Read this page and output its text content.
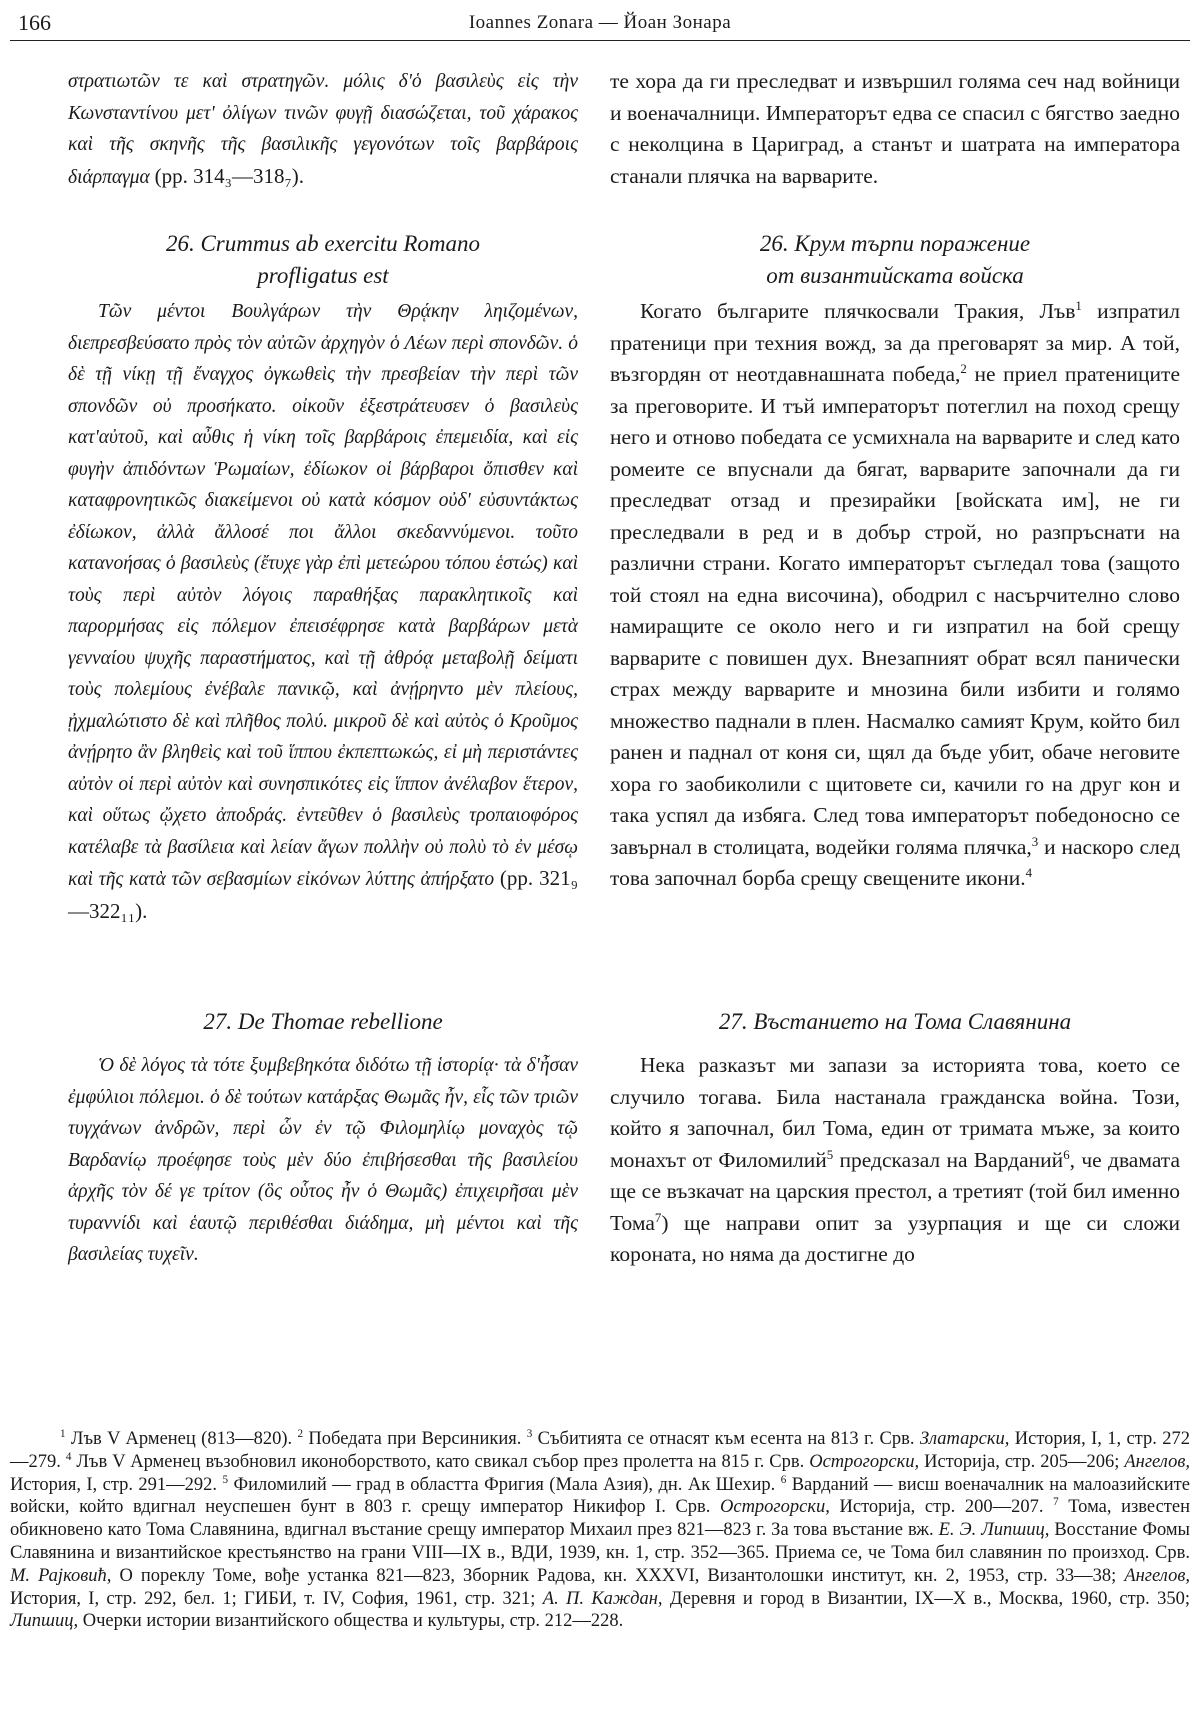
166	Ioannes Zonara — Йоан Зонара

στρατιωτῶν τε καὶ στρατηγῶν. μόλις δ'ὁ βασιλεὺς εἰς τὴν Κωνσταντίνου μετ' ὀλίγων τινῶν φυγῇ διασώζεται, τοῦ χάρακος καὶ τῆς σκηνῆς τῆς βασιλικῆς γεγονότων τοῖς βαρβάροις διάρπαγμα (pp. 314₃—318₇).

26. Crummus ab exercitu Romano
profligatus est

Τῶν μέντοι Βουλγάρων τὴν Θρᾴκην ληιζομένων, διεπρεσβεύσατο πρὸς τὸν αὐτῶν ἀρχηγὸν ὁ Λέων περὶ σπονδῶν. ὁ δὲ τῇ νίκῃ τῇ ἔναγχος ὀγκωθεὶς τὴν πρεσβείαν τὴν περὶ τῶν σπονδῶν οὐ προσήκατο. οἰκοῦν ἐξεστράτευσεν ὁ βασιλεὺς κατ'αὐτοῦ, καὶ αὖθις ἡ νίκη τοῖς βαρβάροις ἐπεμειδία, καὶ εἰς φυγὴν ἀπιδόντων Ῥωμαίων, ἐδίωκον οἱ βάρβαροι ὄπισθεν καὶ καταφρονητικῶς διακείμενοι οὐ κατὰ κόσμον οὐδ' εὐσυντάκτως ἐδίωκον, ἀλλὰ ἄλλοσέ ποι ἄλλοι σκεδαννύμενοι. τοῦτο κατανοήσας ὁ βασιλεὺς (ἔτυχε γὰρ ἐπὶ μετεώρου τόπου ἑστώς) καὶ τοὺς περὶ αὐτὸν λόγοις παραθήξας παρακλητικοῖς καὶ παρορμήσας εἰς πόλεμον ἐπεισέφρησε κατὰ βαρβάρων μετὰ γενναίου ψυχῆς παραστήματος, καὶ τῇ ἀθρόᾳ μεταβολῇ δείματι τοὺς πολεμίους ἐνέβαλε πανικῷ, καὶ ἀνῄρηντο μὲν πλείους, ᾐχμαλώτιστο δὲ καὶ πλῆθος πολύ. μικροῦ δὲ καὶ αὐτὸς ὁ Κροῦμος ἀνῄρητο ἂν βληθεὶς καὶ τοῦ ἵππου ἐκπεπτωκώς, εἰ μὴ περιστάντες αὐτὸν οἱ περὶ αὐτὸν καὶ συνησπικότες εἰς ἵππον ἀνέλαβον ἕτερον, καὶ οὕτως ᾤχετο ἀποδράς. ἐντεῦθεν ὁ βασιλεὺς τροπαιοφόρος κατέλαβε τὰ βασίλεια καὶ λείαν ἄγων πολλὴν οὐ πολὺ τὸ ἐν μέσῳ καὶ τῆς κατὰ τῶν σεβασμίων εἰκόνων λύττης ἀπήρξατο (pp. 321₉—322₁₁).

27. De Thomae rebellione

Ὁ δὲ λόγος τὰ τότε ξυμβεβηκότα διδότω τῇ ἱστορίᾳ· τὰ δ'ἦσαν ἐμφύλιοι πόλεμοι. ὁ δὲ τούτων κατάρξας Θωμᾶς ἦν, εἷς τῶν τριῶν τυγχάνων ἀνδρῶν, περὶ ὧν ἐν τῷ Φιλομηλίῳ μοναχὸς τῷ Βαρδανίῳ προέφησε τοὺς μὲν δύο ἐπιβήσεσθαι τῆς βασιλείου ἀρχῆς τὸν δέ γε τρίτον (ὃς οὗτος ἦν ὁ Θωμᾶς) ἐπιχειρῆσαι μὲν τυραννίδι καὶ ἑαυτῷ περιθέσθαι διάδημα, μὴ μέντοι καὶ τῆς βασιλείας τυχεῖν.

те хора да ги преследват и извършил голяма сеч над войници и военачалници. Императорът едва се спасил с бягство заедно с неколцина в Цариград, а станът и шатрата на императора станали плячка на варварите.

26. Крум търпи поражение
от византийската войска

Когато българите плячкосвали Тракия, Лъв$^1$ изпратил пратеници при техния вожд, за да преговарят за мир. А той, възгордян от неотдавнашната победа,$^2$ не приел пратениците за преговорите. И тъй императорът потеглил на поход срещу него и отново победата се усмихнала на варварите и след като ромеите се впуснали да бягат, варварите започнали да ги преследват отзад и презирайки [войската им], не ги преследвали в ред и в добър строй, но разпръснати на различни страни. Когато императорът съгледал това (защото той стоял на една височина), ободрил с насърчително слово намиращите се около него и ги изпратил на бой срещу варварите с повишен дух. Внезапният обрат всял панически страх между варварите и мнозина били избити и голямо множество паднали в плен. Насмалко самият Крум, който бил ранен и паднал от коня си, щял да бъде убит, обаче неговите хора го заобиколили с щитовете си, качили го на друг кон и така успял да избяга. След това императорът победоносно се завърнал в столицата, водейки голяма плячка,$^3$ и наскоро след това започнал борба срещу свещените икони.$^4$

27. Въстанието на Тома Славянина

Нека разказът ми запази за историята това, което се случило тогава. Била настанала гражданска война. Този, който я започнал, бил Тома, един от тримата мъже, за които монахът от Филомилий$^5$ предсказал на Варданий$^6$, че двамата ще се възкачат на царския престол, а третият (той бил именно Тома$^7$) ще направи опит за узурпация и ще си сложи короната, но няма да достигне до

$^1$ Лъв V Арменец (813—820). $^2$ Победата при Версиникия. $^3$ Събитията се отнасят към есента на 813 г. Срв. Златарски, История, I, 1, стр. 272—279. $^4$ Лъв V Арменец възобновил иконоборството, като свикал събор през пролетта на 815 г. Срв. Острогорски, Историја, стр. 205—206; Ангелов, История, I, стр. 291—292. $^5$ Филомилий — град в областта Фригия (Мала Азия), дн. Ак Шехир. $^6$ Варданий — висш военачалник на малоазийските войски, който вдигнал неуспешен бунт в 803 г. срещу император Никифор I. Срв. Острогорски, Историја, стр. 200—207. $^7$ Тома, известен обикновено като Тома Славянина, вдигнал въстание срещу император Михаил през 821—823 г. За това въстание вж. Е. Э. Липшиц, Восстание Фомы Славянина и византийское крестьянство на грани VIII—IX в., ВДИ, 1939, кн. 1, стр. 352—365. Приема се, че Тома бил славянин по произход. Срв. М. Рајковић, О пореклу Томе, вође устанка 821—823, Зборник Радова, кн. XXXVI, Византолошки институт, кн. 2, 1953, стр. 33—38; Ангелов, История, I, стр. 292, бел. 1; ГИБИ, т. IV, София, 1961, стр. 321; А. П. Каждан, Деревня и город в Византии, IX—X в., Москва, 1960, стр. 350; Липшиц, Очерки истории византийского общества и культуры, стр. 212—228.
